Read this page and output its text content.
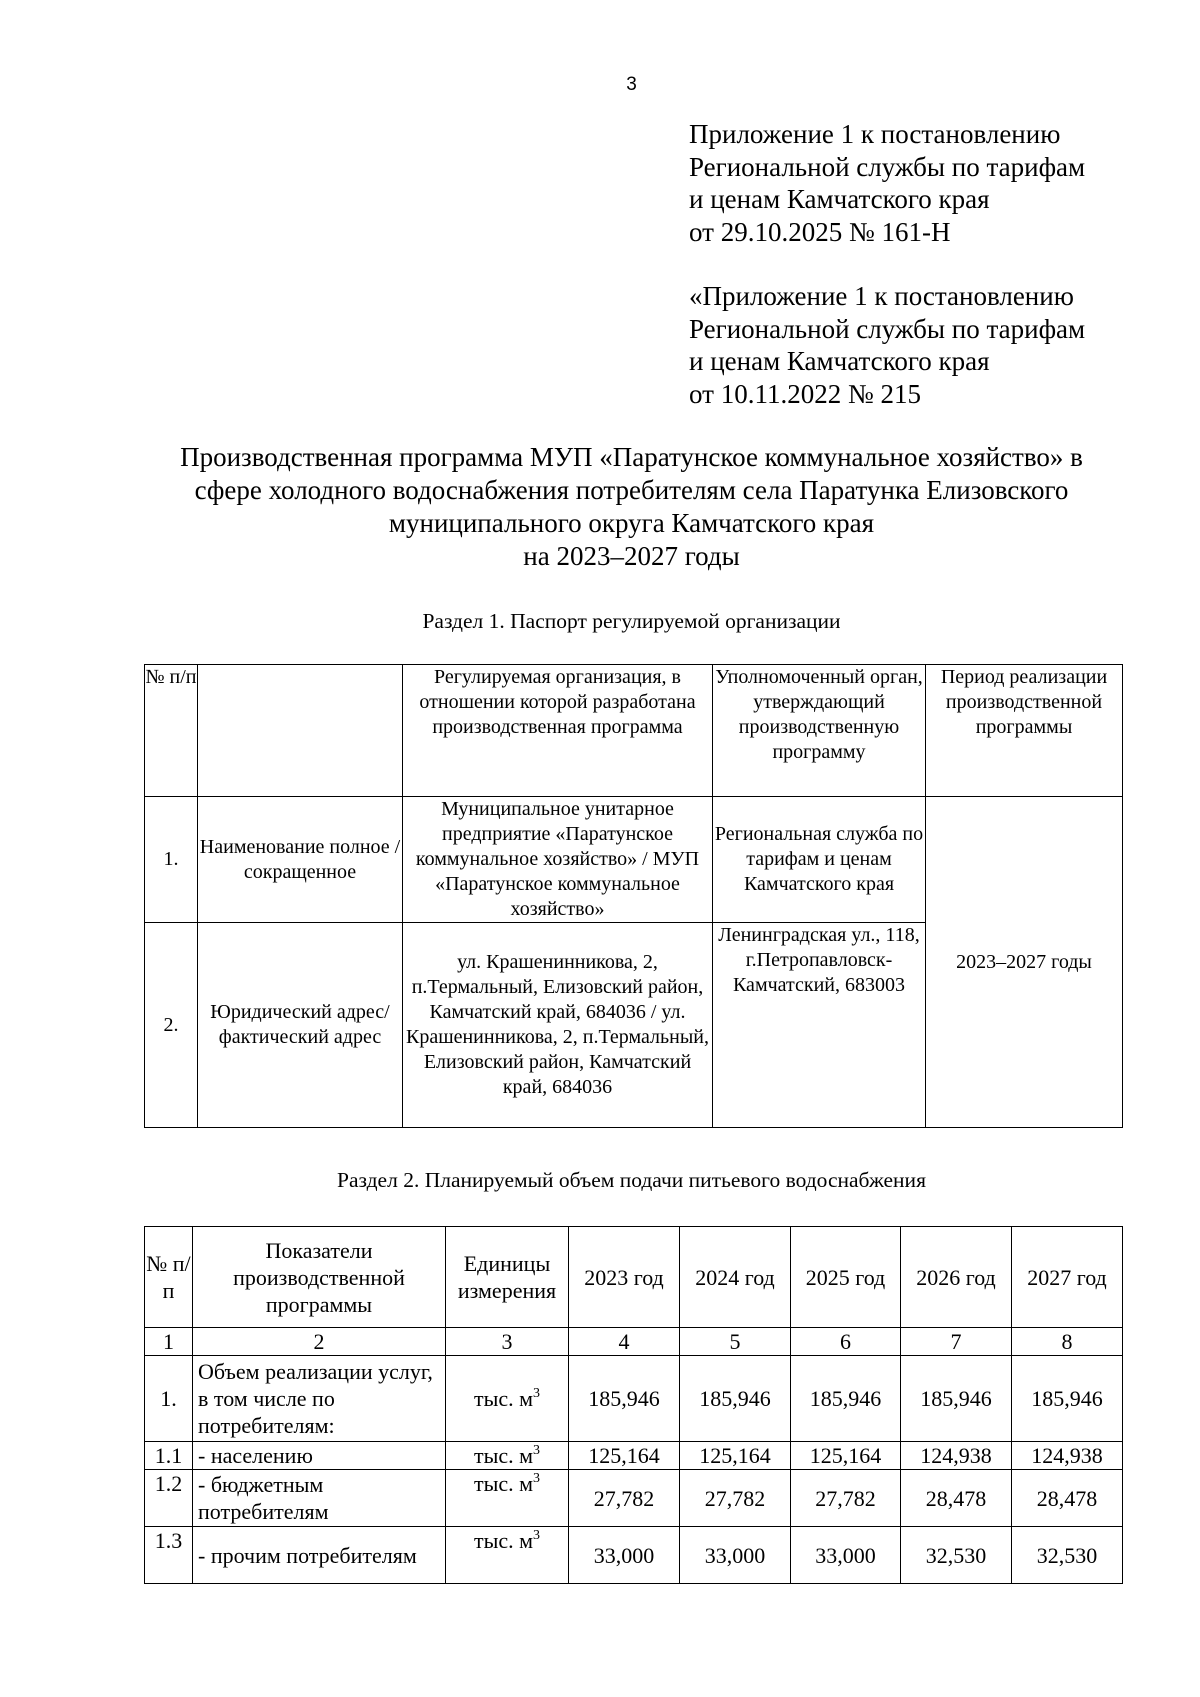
3
Приложение 1 к постановлению
Региональной службы по тарифам
и ценам Камчатского края
от 29.10.2025 № 161-Н
«Приложение 1 к постановлению
Региональной службы по тарифам
и ценам Камчатского края
от 10.11.2022 № 215
Производственная программа МУП «Паратунское коммунальное хозяйство» в
сфере холодного водоснабжения потребителям села Паратунка Елизовского
муниципального округа Камчатского края
на 2023–2027 годы
Раздел 1. Паспорт регулируемой организации
№ п/п		Регулируемая организация, в отношении которой разработана производственная программа	Уполномоченный орган, утверждающий производственную программу	Период реализации производственной программы
1.	Наименование полное / сокращенное	Муниципальное унитарное предприятие «Паратунское коммунальное хозяйство» / МУП «Паратунское коммунальное хозяйство»	Региональная служба по тарифам и ценам Камчатского края	2023–2027 годы
2.	Юридический адрес/фактический адрес	ул. Крашенинникова, 2, п.Термальный, Елизовский район, Камчатский край, 684036 / ул. Крашенинникова, 2, п.Термальный, Елизовский район, Камчатский край, 684036	Ленинградская ул., 118, г.Петропавловск-Камчатский, 683003	
Раздел 2. Планируемый объем подачи питьевого водоснабжения
№ п/п	Показатели производственной программы	Единицы измерения	2023 год	2024 год	2025 год	2026 год	2027 год
1	2	3	4	5	6	7	8
1.	Объем реализации услуг, в том числе по потребителям:	тыс. $м^3$	185,946	185,946	185,946	185,946	185,946
1.1	- населению	тыс. $м^3$	125,164	125,164	125,164	124,938	124,938
1.2	- бюджетным потребителям	тыс. $м^3$	27,782	27,782	27,782	28,478	28,478
1.3	- прочим потребителям	тыс. $м^3$	33,000	33,000	33,000	32,530	32,530
